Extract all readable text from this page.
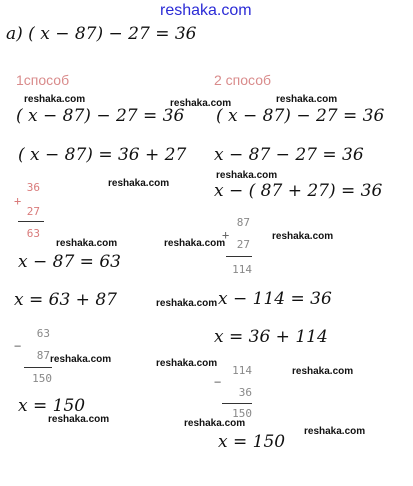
reshaka.com
а) ( x − 87) − 27 = 36
1способ
( x − 87) − 27 = 36
( x − 87) = 36 + 27
+
36
27
63
x − 87 = 63
x = 63 + 87
−
63
87
150
x = 150
2 способ
( x − 87) − 27 = 36
x − 87 − 27 = 36
x − ( 87 + 27) = 36
+
87
27
114
x − 114 = 36
x = 36 + 114
−
114
36
150
x = 150
reshaka.com	reshaka.com	reshaka.com
reshaka.com
reshaka.com
reshaka.com	reshaka.com
reshaka.com
reshaka.com
reshaka.com	reshaka.com
reshaka.com
reshaka.com	reshaka.com
reshaka.com
